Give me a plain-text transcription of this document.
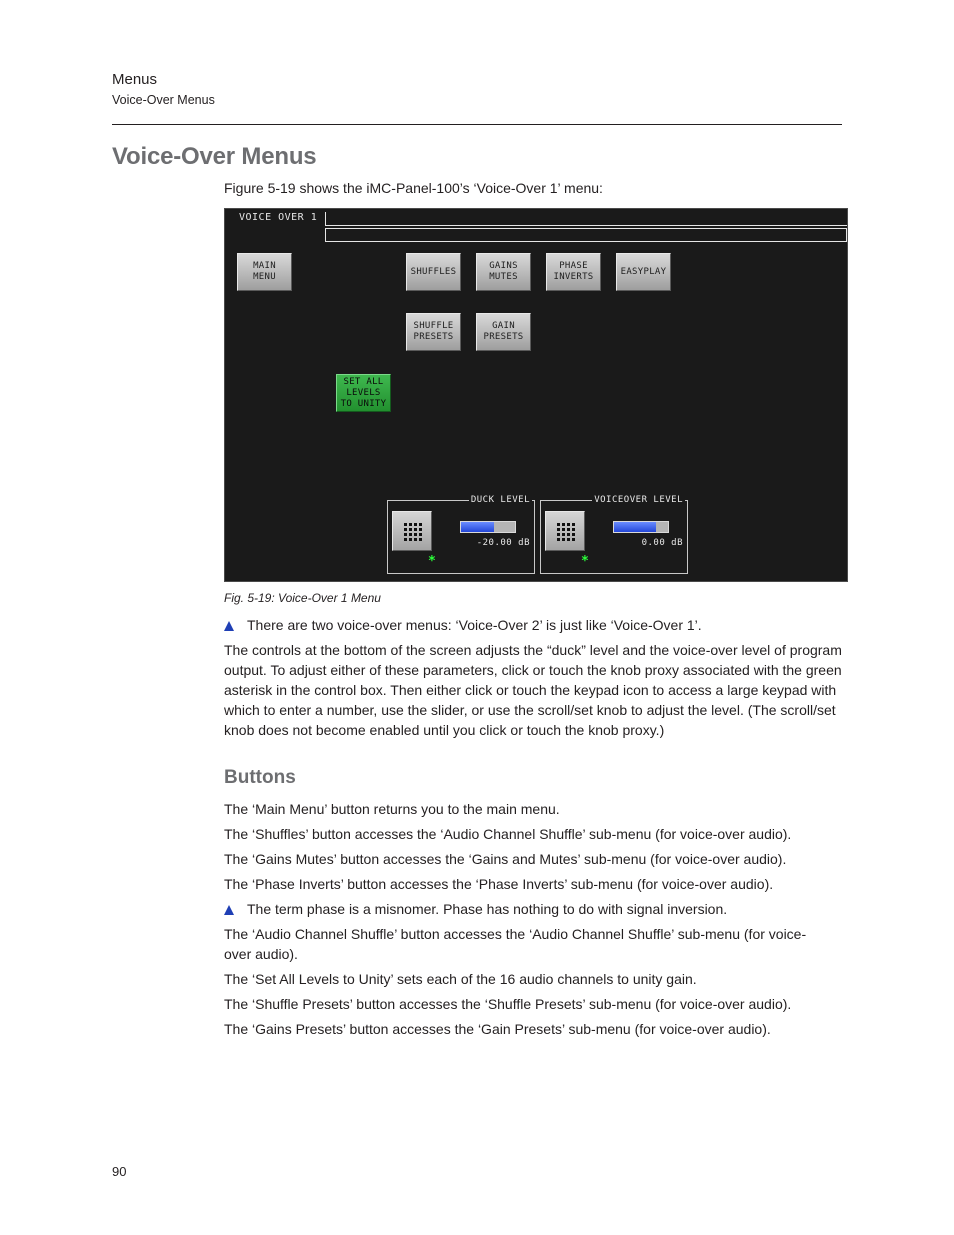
Menus
Voice-Over Menus
Voice-Over Menus
Figure 5-19 shows the iMC-Panel-100’s ‘Voice-Over 1’ menu:
VOICE OVER 1
MAIN
MENU
SHUFFLES
GAINS
MUTES
PHASE
INVERTS
EASYPLAY
SHUFFLE
PRESETS
GAIN
PRESETS
SET ALL
LEVELS
TO UNITY
DUCK LEVEL
-20.00 dB
*
VOICEOVER LEVEL
0.00 dB
*
Fig. 5-19: Voice-Over 1 Menu
There are two voice-over menus: ‘Voice-Over 2’ is just like ‘Voice-Over 1’.
The controls at the bottom of the screen adjusts the “duck” level and the voice-over level of program output. To adjust either of these parameters, click or touch the knob proxy associated with the green asterisk in the control box. Then either click or touch the keypad icon to access a large keypad with which to enter a number, use the slider, or use the scroll/set knob to adjust the level. (The scroll/set knob does not become enabled until you click or touch the knob proxy.)
Buttons
The ‘Main Menu’ button returns you to the main menu.
The ‘Shuffles’ button accesses the ‘Audio Channel Shuffle’ sub-menu (for voice-over audio).
The ‘Gains Mutes’ button accesses the ‘Gains and Mutes’ sub-menu (for voice-over audio).
The ‘Phase Inverts’ button accesses the ‘Phase Inverts’ sub-menu (for voice-over audio).
The term phase is a misnomer. Phase has nothing to do with signal inversion.
The ‘Audio Channel Shuffle’ button accesses the ‘Audio Channel Shuffle’ sub-menu (for voice-over audio).
The ‘Set All Levels to Unity’ sets each of the 16 audio channels to unity gain.
The ‘Shuffle Presets’ button accesses the ‘Shuffle Presets’ sub-menu (for voice-over audio).
The ‘Gains Presets’ button accesses the ‘Gain Presets’ sub-menu (for voice-over audio).
90
